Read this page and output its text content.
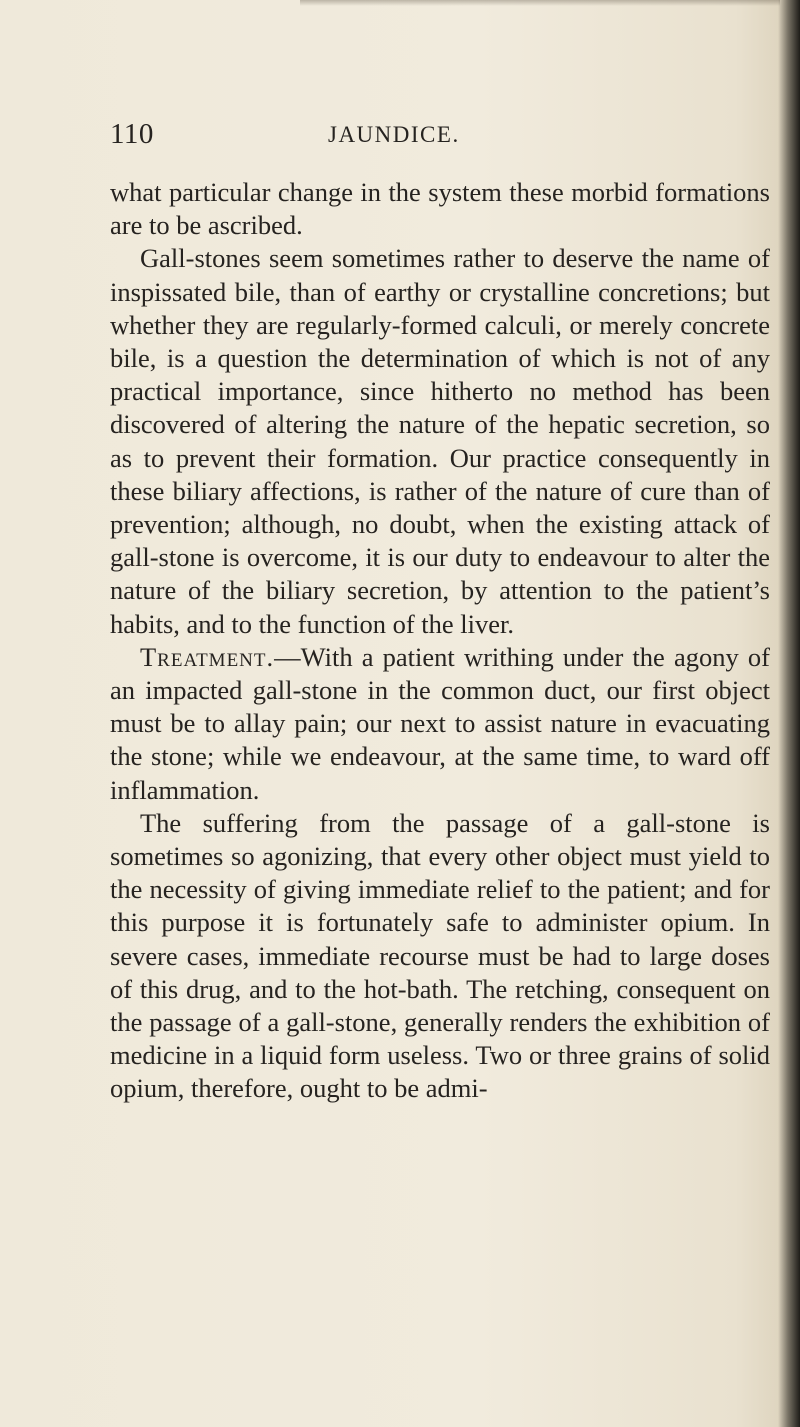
110	JAUNDICE.

what particular change in the system these morbid formations are to be ascribed.

Gall-stones seem sometimes rather to deserve the name of inspissated bile, than of earthy or crystalline concretions; but whether they are regularly-formed calculi, or merely concrete bile, is a question the determination of which is not of any practical importance, since hitherto no method has been discovered of altering the nature of the hepatic secretion, so as to prevent their formation. Our practice consequently in these biliary affections, is rather of the nature of cure than of prevention; although, no doubt, when the existing attack of gall-stone is overcome, it is our duty to endeavour to alter the nature of the biliary secretion, by attention to the patient’s habits, and to the function of the liver.

Treatment.—With a patient writhing under the agony of an impacted gall-stone in the common duct, our first object must be to allay pain; our next to assist nature in evacuating the stone; while we endeavour, at the same time, to ward off inflammation.

The suffering from the passage of a gall-stone is sometimes so agonizing, that every other object must yield to the necessity of giving immediate relief to the patient; and for this purpose it is fortunately safe to administer opium. In severe cases, immediate recourse must be had to large doses of this drug, and to the hot-bath. The retching, consequent on the passage of a gall-stone, generally renders the exhibition of medicine in a liquid form useless. Two or three grains of solid opium, therefore, ought to be admi-
